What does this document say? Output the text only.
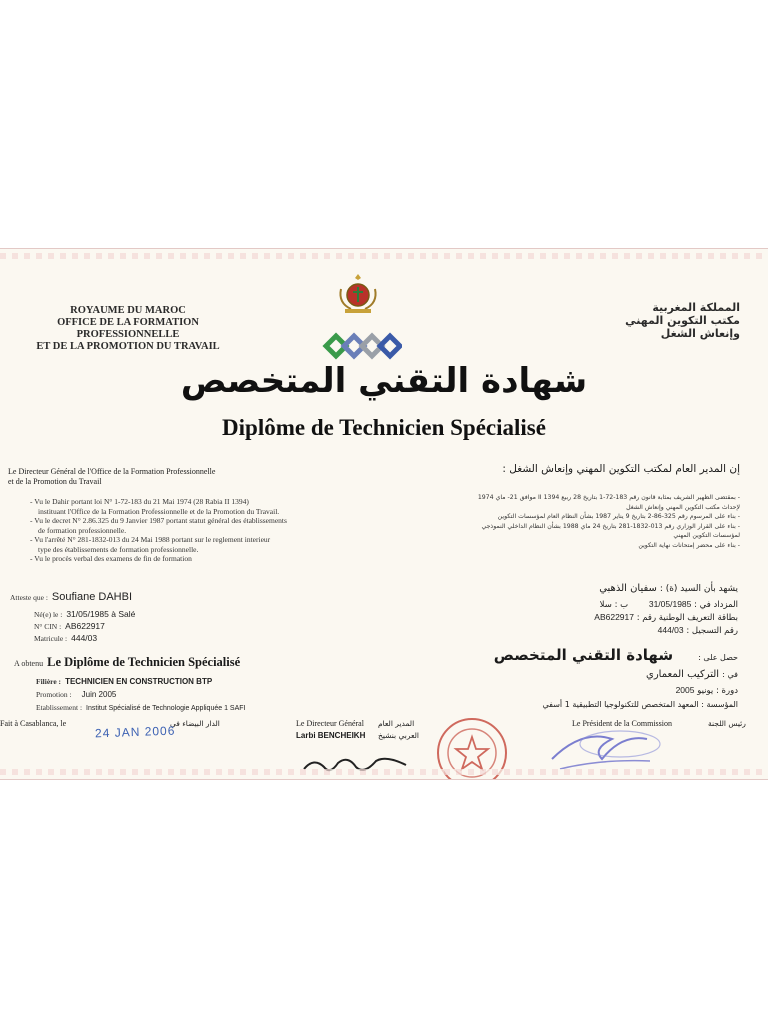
ROYAUME DU MAROC
OFFICE DE LA FORMATION PROFESSIONNELLE
ET DE LA PROMOTION DU TRAVAIL
المملكة المغربية
مكتب التكوين المهني
وإنعاش الشغل
شهادة التقني المتخصص
Diplôme de Technicien Spécialisé
Le Directeur Général de l'Office de la Formation Professionnelle
et de la Promotion du Travail
إن المدير العام لمكتب التكوين المهني وإنعاش الشغل :
- Vu le Dahir portant loi N° 1-72-183 du 21 Mai 1974 (28 Rabia II 1394)
instituant l'Office de la Formation Professionnelle et de la Promotion du Travail.
- Vu le decret N° 2.86.325 du 9 Janvier 1987 portant statut général des établissements
de formation professionnelle.
- Vu l'arrêté N° 281-1832-013 du 24 Mai 1988 portant sur le reglement interieur
type des établissements de formation professionnelle.
- Vu le procès verbal des examens de fin de formation
- بمقتضى الظهير الشريف بمثابة قانون رقم 183-72-1 بتاريخ 28 ربيع II 1394 موافق 21- ماي 1974
لإحداث مكتب التكوين المهني وإنعاش الشغل
- بناء على المرسوم رقم 325-86-2 بتاريخ 9 يناير 1987 بشأن النظام العام لمؤسسات التكوين
- بناء على القرار الوزاري رقم 013-1832-281 بتاريخ 24 ماي 1988 بشأن النظام الداخلي النموذجي
لمؤسسات التكوين المهني
- بناء على محضر إمتحانات نهاية التكوين
Atteste que : Soufiane DAHBI
Né(e) le : 31/05/1985 à Salé
N° CIN : AB622917
Matricule : 444/03
يشهد بأن السيد (ة) : سفيان الذهبي
المزداد في : 31/05/1985 ب : سلا
بطاقة التعريف الوطنية رقم : AB622917
رقم التسجيل : 444/03
A obtenu Le Diplôme de Technicien Spécialisé
Filière : TECHNICIEN EN CONSTRUCTION BTP
Promotion : Juin 2005
Etablissement : Institut Spécialisé de Technologie Appliquée 1 SAFI
حصل على : شهادة التقني المتخصص
في : التركيب المعماري
دورة : يونيو 2005
المؤسسة : المعهد المتخصص للتكنولوجيا التطبيقية 1 أسفي
Fait à Casablanca, le	الدار البيضاء في
24 JAN 2006
Le Directeur Général
Larbi BENCHEIKH
المدير العام
العربي بنشيخ
Le Président de la Commission	رئيس اللجنة
